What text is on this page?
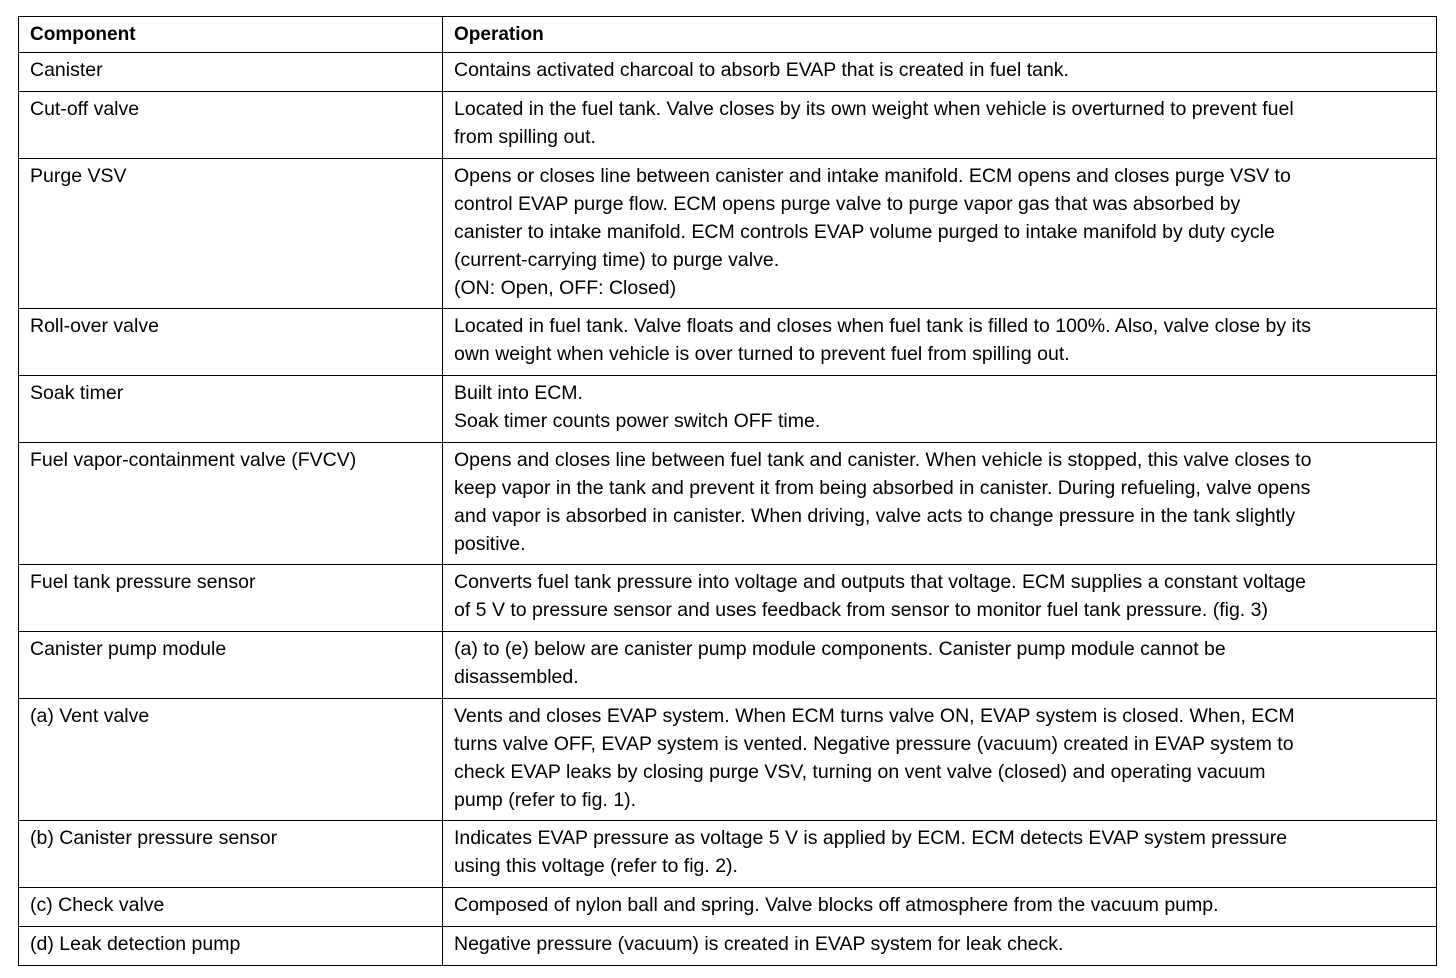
Component	Operation
Canister	Contains activated charcoal to absorb EVAP that is created in fuel tank.
Cut-off valve	Located in the fuel tank. Valve closes by its own weight when vehicle is overturned to prevent fuel
from spilling out.
Purge VSV	Opens or closes line between canister and intake manifold. ECM opens and closes purge VSV to
control EVAP purge flow. ECM opens purge valve to purge vapor gas that was absorbed by
canister to intake manifold. ECM controls EVAP volume purged to intake manifold by duty cycle
(current-carrying time) to purge valve.
(ON: Open, OFF: Closed)
Roll-over valve	Located in fuel tank. Valve floats and closes when fuel tank is filled to 100%. Also, valve close by its
own weight when vehicle is over turned to prevent fuel from spilling out.
Soak timer	Built into ECM.
Soak timer counts power switch OFF time.
Fuel vapor-containment valve (FVCV)	Opens and closes line between fuel tank and canister. When vehicle is stopped, this valve closes to
keep vapor in the tank and prevent it from being absorbed in canister. During refueling, valve opens
and vapor is absorbed in canister. When driving, valve acts to change pressure in the tank slightly
positive.
Fuel tank pressure sensor	Converts fuel tank pressure into voltage and outputs that voltage. ECM supplies a constant voltage
of 5 V to pressure sensor and uses feedback from sensor to monitor fuel tank pressure. (fig. 3)
Canister pump module	(a) to (e) below are canister pump module components. Canister pump module cannot be
disassembled.
(a) Vent valve	Vents and closes EVAP system. When ECM turns valve ON, EVAP system is closed. When, ECM
turns valve OFF, EVAP system is vented. Negative pressure (vacuum) created in EVAP system to
check EVAP leaks by closing purge VSV, turning on vent valve (closed) and operating vacuum
pump (refer to fig. 1).
(b) Canister pressure sensor	Indicates EVAP pressure as voltage 5 V is applied by ECM. ECM detects EVAP system pressure
using this voltage (refer to fig. 2).
(c) Check valve	Composed of nylon ball and spring. Valve blocks off atmosphere from the vacuum pump.
(d) Leak detection pump	Negative pressure (vacuum) is created in EVAP system for leak check.
